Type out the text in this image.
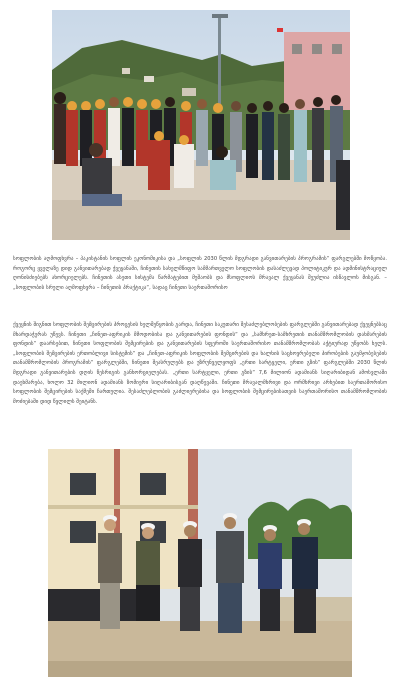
სოფლობის აღმოფხვრა – პაკისტანის სოფლის ეკონომიკისა და „სოფლის 2030 წლის მდგრადი განვითარების პროგრამის“ ფარგლებში მოწყობა. როგორც ყველაზე დიდ განვითარებად ქვეყანაში, ჩინეთის სახელმწიფო სამმართველო სოფლობის დასაძლევად პოლიტიკურ და ადმინისტრაციულ ღონისძიებებს ახორციელებს. ჩინეთის ასეთი სისტემა წარმატებით მუშაობს და მსოფლიოს მრავალ ქვეყანას შეუძლია ისწავლოს მისგან. – „სოფლობის სრული აღმოფხვრა – ჩინეთის პრაქტიკა“, სადაც ჩინეთი საერთაშორისო

ქვეყნის შიგნით სოფლობის შემცირების პროცესის ხელშეწყობის გარდა, ჩინეთი საკუთარი შესაძლებლობების ფარგლებში განვითარებად ქვეყნებსაც მხარდაჭერას უწევს. ჩინეთი „ჩინეთ-აფრიკის მმოდობისა და განვითარების ფონდის“ და „სამხრეთ-სამხრეთის თანამშრომლობის დახმარების ფონდის“ დაარსებით, ჩინეთი სოფლობის შემცირების და განვითარების სფეროში საერთაშორისო თანამშრომლობას აქტიურად უწყობს ხელს. „სოფლობის შემცირების ერთობლივი სისტემის“ და „ჩინეთ-აფრიკის სოფლობის შემცირების და ხალხის საცხოვრებელი პირობების გაუმჯობესების თანამშრომლობის პროგრამის“ ფარგლებში, ჩინეთი შეასრულებს და უზრუნველყოფს „ერთი სარტყელი, ერთი გზის“ ფარგლებში 2030 წლის მდგრადი განვითარების დღის წესრიგის განხორციელებას. „ერთი სარტყელი, ერთი გზის“ 7,6 მილიონ ადამიანს სიღარიბიდან ამოსვლაში დაეხმარება, ხოლო 32 მილიონ ადამიანს ზომიერი სიღარიბისგან დაღწევაში. ჩინეთი მრავალმხრივი და ორმხრივი არხებით საერთაშორისო სოფლობის შემცირების საქმეში ჩართულია. შესაძლებლობის გაძლიერებისა და სოფლობის შემცირებისათვის საერთაშორისო თანამშრომლობის მოძიებაში დიდ წვლილს შეიტანს.
